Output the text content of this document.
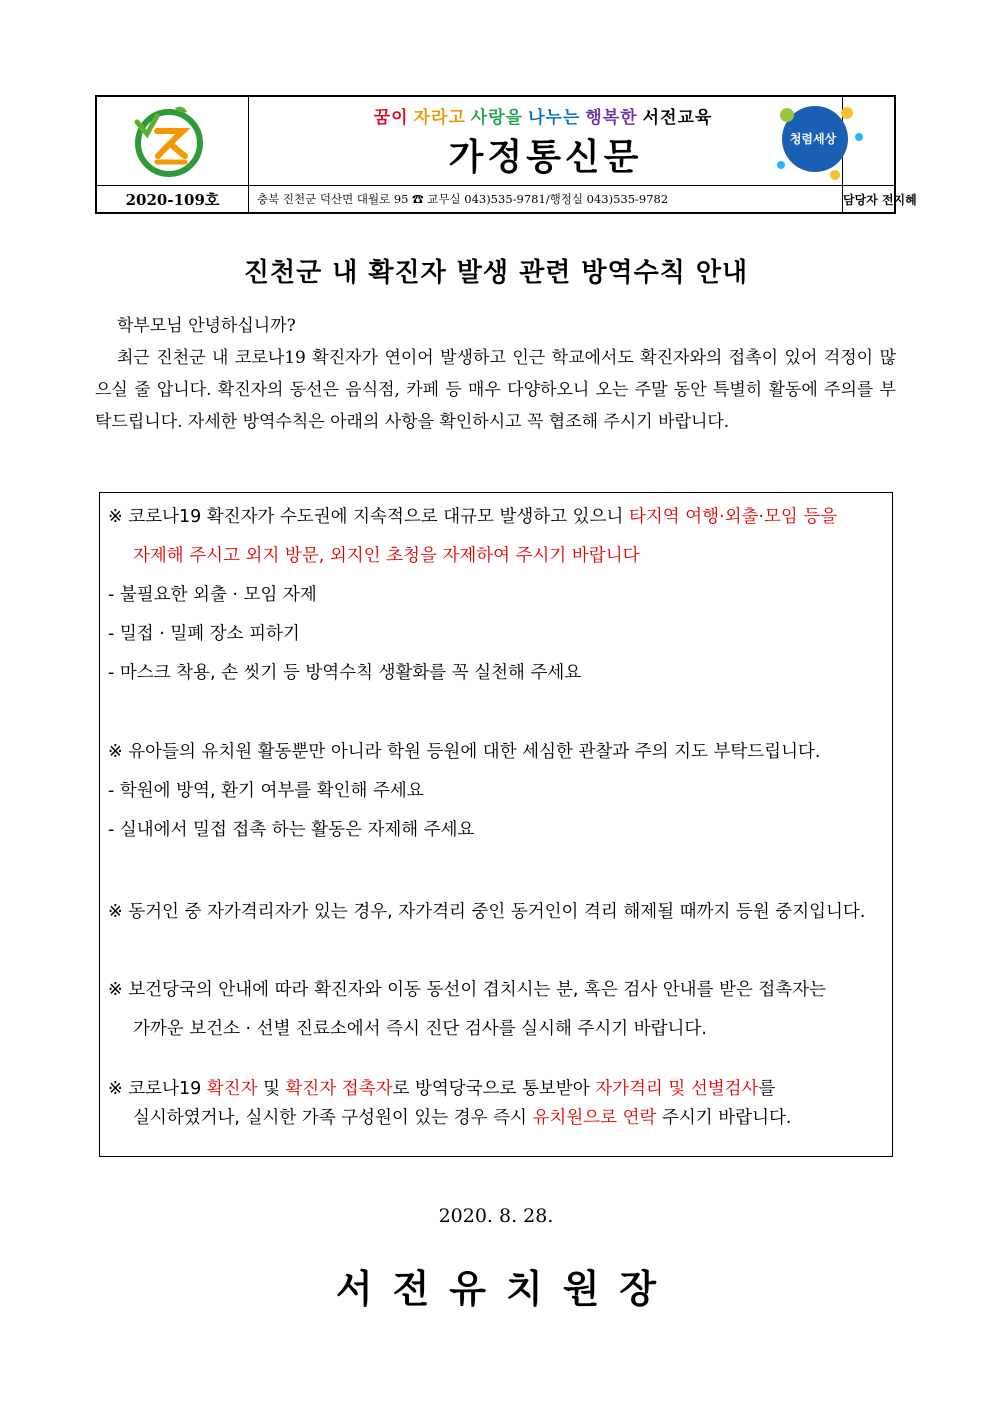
꿈이 자라고 사랑을 나누는 행복한 서전교육
가정통신문
2020-109호	충북 진천군 덕산면 대월로 95 ☎ 교무실 043)535-9781/행정실 043)535-9782	담당자 전지혜
청렴세상
진천군 내 확진자 발생 관련 방역수칙 안내

학부모님 안녕하십니까?

최근 진천군 내 코로나19 확진자가 연이어 발생하고 인근 학교에서도 확진자와의 접촉이 있어 걱정이 많으실 줄 압니다. 확진자의 동선은 음식점, 카페 등 매우 다양하오니 오는 주말 동안 특별히 활동에 주의를 부탁드립니다. 자세한 방역수칙은 아래의 사항을 확인하시고 꼭 협조해 주시기 바랍니다.

※ 코로나19 확진자가 수도권에 지속적으로 대규모 발생하고 있으니 타지역 여행·외출·모임 등을
자제해 주시고 외지 방문, 외지인 초청을 자제하여 주시기 바랍니다
- 불필요한 외출 · 모임 자제
- 밀접 · 밀폐 장소 피하기
- 마스크 착용, 손 씻기 등 방역수칙 생활화를 꼭 실천해 주세요
※ 유아들의 유치원 활동뿐만 아니라 학원 등원에 대한 세심한 관찰과 주의 지도 부탁드립니다.
- 학원에 방역, 환기 여부를 확인해 주세요
- 실내에서 밀접 접촉 하는 활동은 자제해 주세요
※ 동거인 중 자가격리자가 있는 경우, 자가격리 중인 동거인이 격리 해제될 때까지 등원 중지입니다.
※ 보건당국의 안내에 따라 확진자와 이동 동선이 겹치시는 분, 혹은 검사 안내를 받은 접촉자는
가까운 보건소 · 선별 진료소에서 즉시 진단 검사를 실시해 주시기 바랍니다.
※ 코로나19 확진자 및 확진자 접촉자로 방역당국으로 통보받아 자가격리 및 선별검사를
실시하였거나, 실시한 가족 구성원이 있는 경우 즉시 유치원으로 연락 주시기 바랍니다.
2020. 8. 28.
서전유치원장
